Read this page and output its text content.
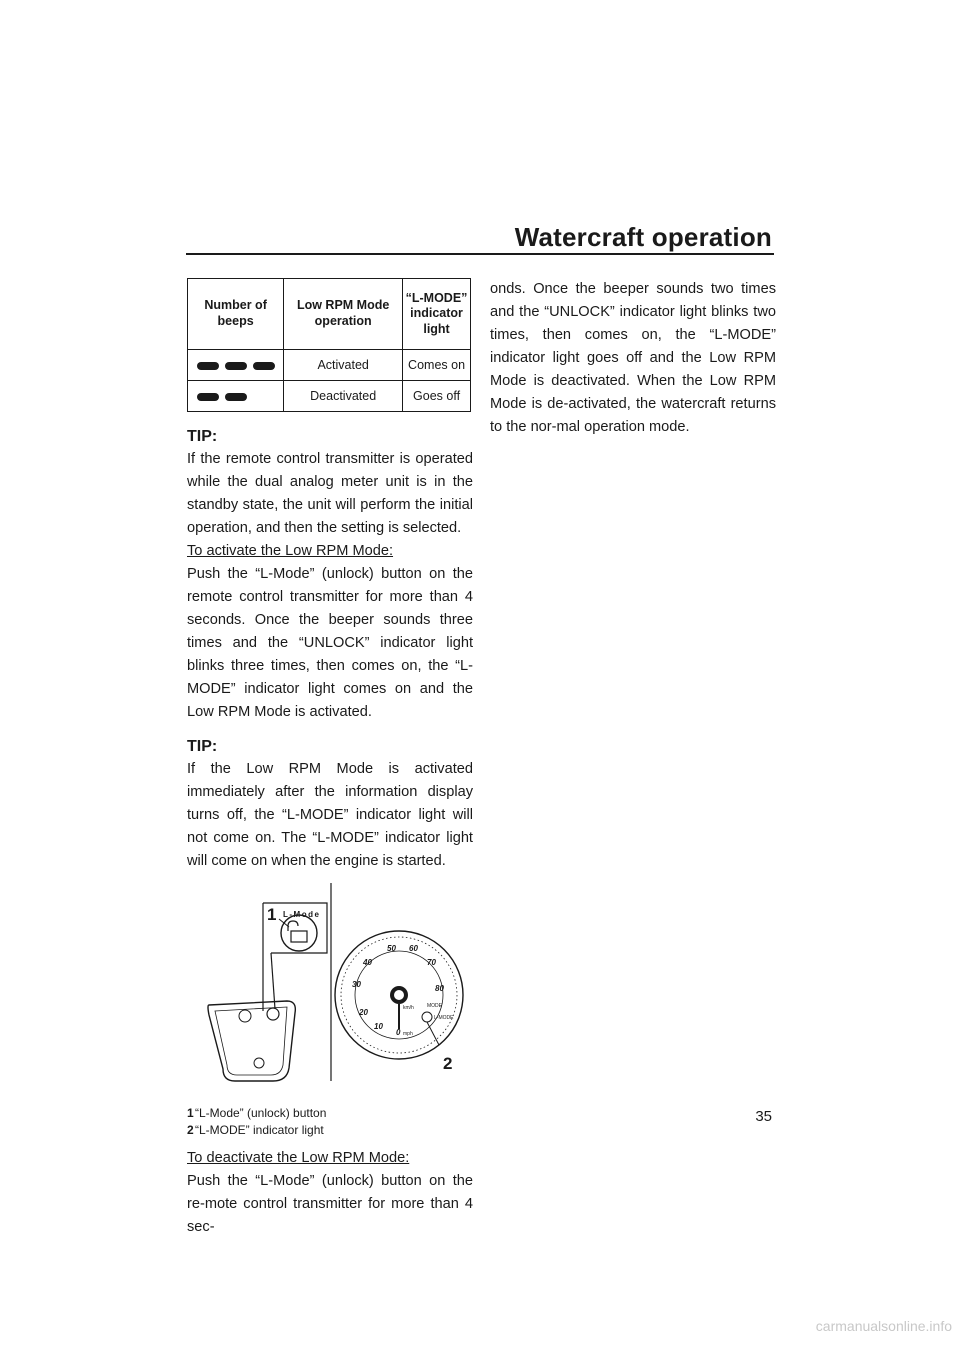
Watercraft operation
Number of beeps	Low RPM Mode operation	“L-MODE” indicator light
	Activated	Comes on
	Deactivated	Goes off
TIP:

If the remote control transmitter is operated while the dual analog meter unit is in the standby state, the unit will perform the initial operation, and then the setting is selected.

To activate the Low RPM Mode:

Push the “L-Mode” (unlock) button on the remote control transmitter for more than 4 seconds. Once the beeper sounds three times and the “UNLOCK” indicator light blinks three times, then comes on, the “L-MODE” indicator light comes on and the Low RPM Mode is activated.

TIP:

If the Low RPM Mode is activated immediately after the information display turns off, the “L-MODE” indicator light will not come on. The “L-MODE” indicator light will come on when the engine is started.

0
10
20
30
40
50 60
70
80
km/h
mph
MODE
L-MODE
L-Mode
1
2
1“L-Mode” (unlock) button
2“L-MODE” indicator light

To deactivate the Low RPM Mode:

Push the “L-Mode” (unlock) button on the re-mote control transmitter for more than 4 sec-

onds. Once the beeper sounds two times and the “UNLOCK” indicator light blinks two times, then comes on, the “L-MODE” indicator light goes off and the Low RPM Mode is deactivated. When the Low RPM Mode is de-activated, the watercraft returns to the nor-mal operation mode.

35
carmanualsonline.info
